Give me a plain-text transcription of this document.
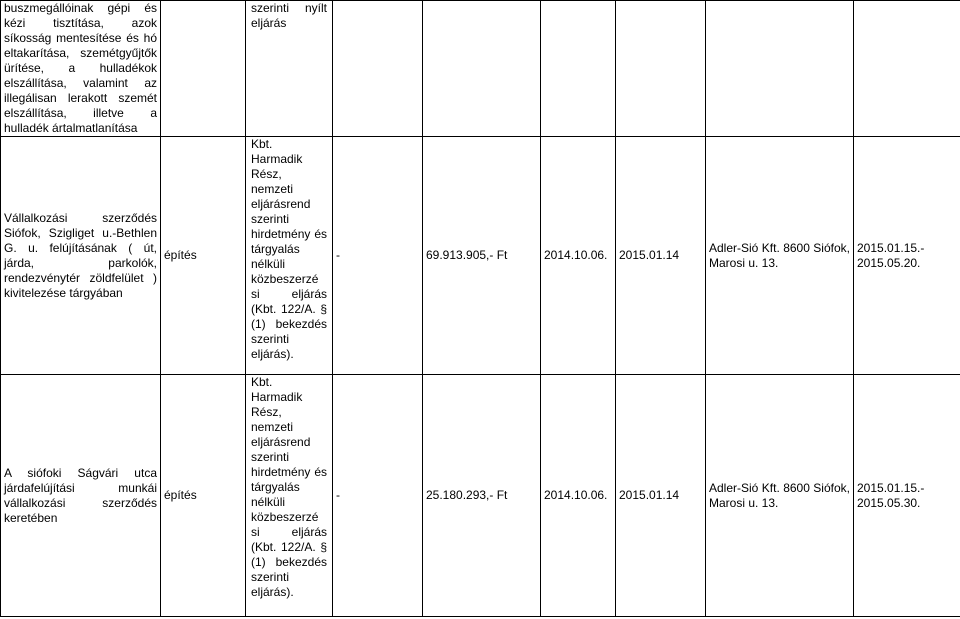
buszmegállóinak gépi és kézi tisztítása, azok síkosság mentesítése és hó eltakarítása, szemétgyűjtők ürítése, a hulladékok elszállítása, valamint az illegálisan lerakott szemét elszállítása, illetve a hulladék ártalmatlanítása		szerinti nyílt eljárás						
Vállalkozási szerződés Siófok, Szigliget u.-Bethlen G. u. felújításának ( út, járda, parkolók, rendezvénytér zöldfelület ) kivitelezése tárgyában	építés	Kbt. Harmadik Rész, nemzeti eljárásrend szerinti hirdetmény és tárgyalás nélküli közbeszerzé si eljárás (Kbt. 122/A. § (1) bekezdés szerinti eljárás).	-	69.913.905,- Ft	2014.10.06.	2015.01.14	Adler-Sió Kft. 8600 Siófok, Marosi u. 13.	2015.01.15.- 2015.05.20.
A siófoki Ságvári utca járdafelújítási munkái vállalkozási szerződés keretében	építés	Kbt. Harmadik Rész, nemzeti eljárásrend szerinti hirdetmény és tárgyalás nélküli közbeszerzé si eljárás (Kbt. 122/A. § (1) bekezdés szerinti eljárás).	-	25.180.293,- Ft	2014.10.06.	2015.01.14	Adler-Sió Kft. 8600 Siófok, Marosi u. 13.	2015.01.15.- 2015.05.30.
